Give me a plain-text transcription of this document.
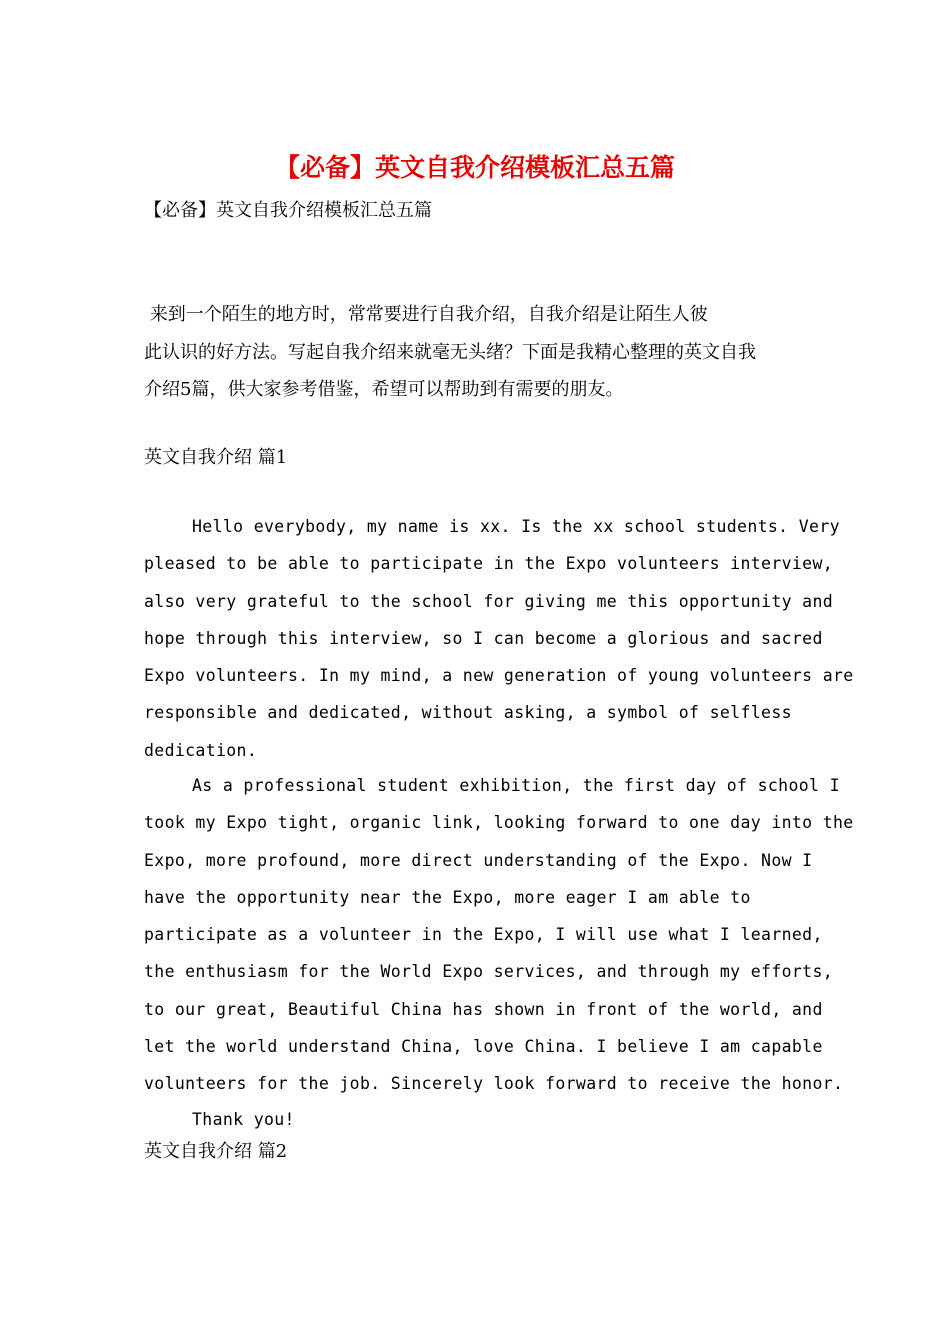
【必备】英文自我介绍模板汇总五篇
【必备】英文自我介绍模板汇总五篇
来到一个陌生的地方时，常常要进行自我介绍，自我介绍是让陌生人彼
此认识的好方法。写起自我介绍来就毫无头绪？下面是我精心整理的英文自我
介绍5篇，供大家参考借鉴，希望可以帮助到有需要的朋友。
英文自我介绍 篇1
Hello everybody, my name is xx. Is the xx school students. Very
pleased to be able to participate in the Expo volunteers interview,
also very grateful to the school for giving me this opportunity and
hope through this interview, so I can become a glorious and sacred
Expo volunteers. In my mind, a new generation of young volunteers are
responsible and dedicated, without asking, a symbol of selfless
dedication.
As a professional student exhibition, the first day of school I
took my Expo tight, organic link, looking forward to one day into the
Expo, more profound, more direct understanding of the Expo. Now I
have the opportunity near the Expo, more eager I am able to
participate as a volunteer in the Expo, I will use what I learned,
the enthusiasm for the World Expo services, and through my efforts,
to our great, Beautiful China has shown in front of the world, and
let the world understand China, love China. I believe I am capable
volunteers for the job. Sincerely look forward to receive the honor.
Thank you!
英文自我介绍 篇2
